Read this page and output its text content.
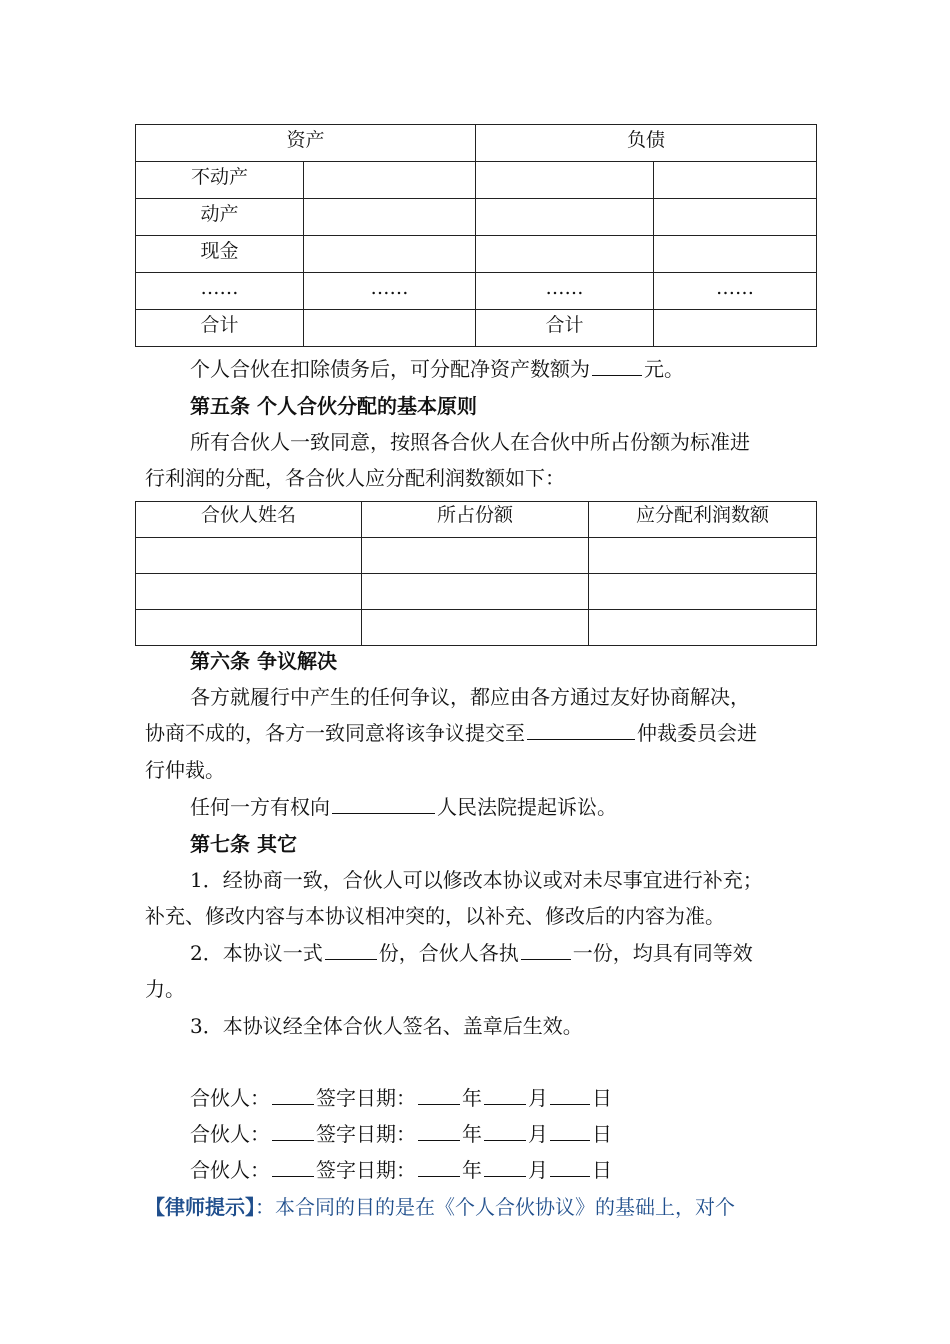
资产		负债	
不动产			
动产			
现金			
……	……	……	……
合计		合计	
个人合伙在扣除债务后，可分配净资产数额为	元。
第五条 个人合伙分配的基本原则
所有合伙人一致同意，按照各合伙人在合伙中所占份额为标准进
行利润的分配，各合伙人应分配利润数额如下：
合伙人姓名	所占份额	应分配利润数额

第六条 争议解决
各方就履行中产生的任何争议，都应由各方通过友好协商解决，
协商不成的，各方一致同意将该争议提交至	仲裁委员会进
行仲裁。
任何一方有权向	人民法院提起诉讼。
第七条 其它
1．经协商一致，合伙人可以修改本协议或对未尽事宜进行补充；
补充、修改内容与本协议相冲突的，以补充、修改后的内容为准。
2．本协议一式	份，合伙人各执	一份，均具有同等效
力。
3．本协议经全体合伙人签名、盖章后生效。
合伙人： 签字日期： 年 月 日
合伙人： 签字日期： 年 月 日
合伙人： 签字日期： 年 月 日
【律师提示】：本合同的目的是在《个人合伙协议》的基础上，对个
